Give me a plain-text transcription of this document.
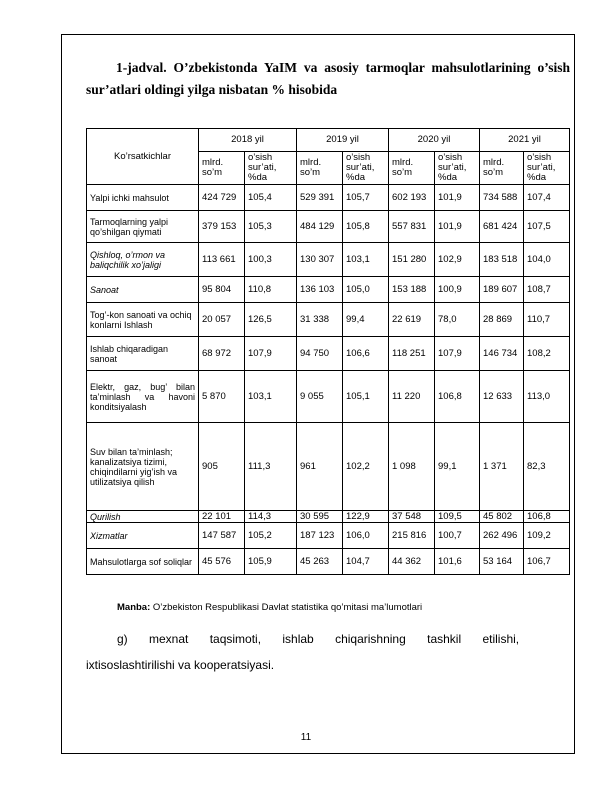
1-jadval. O’zbekistonda YaIM va asosiy tarmoqlar mahsulotlarining o’sish sur’atlari oldingi yilga nisbatan % hisobida
Ko’rsatkichlar	2018 yil		2019 yil		2020 yil		2021 yil	
	mlrd. so’m	o’sish sur’ati, %da	mlrd. so’m	o’sish sur’ati, %da	mlrd. so’m	o’sish sur’ati, %da	mlrd. so’m	o’sish sur’ati, %da
Yalpi ichki mahsulot	424 729	105,4	529 391	105,7	602 193	101,9	734 588	107,4
Tarmoqlarning yalpi qo’shilgan qiymati	379 153	105,3	484 129	105,8	557 831	101,9	681 424	107,5
Qishloq, o’rmon va baliqchilik xo’jaligi	113 661	100,3	130 307	103,1	151 280	102,9	183 518	104,0
Sanoat	95 804	110,8	136 103	105,0	153 188	100,9	189 607	108,7
Tog’-kon sanoati va ochiq konlarni Ishlash	20 057	126,5	31 338	99,4	22 619	78,0	28 869	110,7
Ishlab chiqaradigan sanoat	68 972	107,9	94 750	106,6	118 251	107,9	146 734	108,2
Elektr, gaz, bug’ bilan ta’minlash va havoni konditsiyalash	5 870	103,1	9 055	105,1	11 220	106,8	12 633	113,0
Suv bilan ta’minlash; kanalizatsiya tizimi, chiqindilarni yig’ish va utilizatsiya qilish	905	111,3	961	102,2	1 098	99,1	1 371	82,3
Qurilish	22 101	114,3	30 595	122,9	37 548	109,5	45 802	106,8
Xizmatlar	147 587	105,2	187 123	106,0	215 816	100,7	262 496	109,2
Mahsulotlarga sof soliqlar	45 576	105,9	45 263	104,7	44 362	101,6	53 164	106,7
Manba: O’zbekiston Respublikasi Davlat statistika qo’mitasi ma’lumotlari
g) mexnat taqsimoti, ishlab chiqarishning tashkil etilishi,
ixtisoslashtirilishi va kooperatsiyasi.
11
